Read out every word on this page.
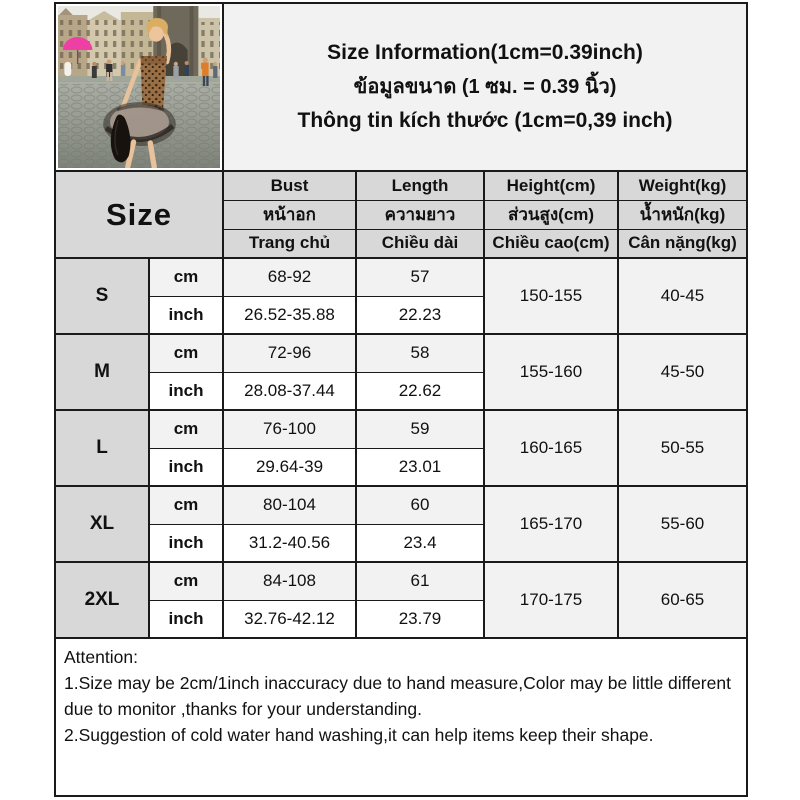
Size Information(1cm=0.39inch)
ข้อมูลขนาด (1 ซม. = 0.39 นิ้ว)
Thông tin kích thước (1cm=0,39 inch)			

Size		Bust	Length	Height(cm)	Weight(kg)
		หน้าอก	ความยาว	ส่วนสูง(cm)	น้ำหนัก(kg)
		Trang chủ	Chiều dài	Chiều cao(cm)	Cân nặng(kg)
S	cm	68-92	57	150-155	40-45
	inch	26.52-35.88	22.23		
M	cm	72-96	58	155-160	45-50
	inch	28.08-37.44	22.62		
L	cm	76-100	59	160-165	50-55
	inch	29.64-39	23.01		
XL	cm	80-104	60	165-170	55-60
	inch	31.2-40.56	23.4		
2XL	cm	84-108	61	170-175	60-65
	inch	32.76-42.12	23.79		

Attention:
1.Size may be 2cm/1inch inaccuracy due to hand measure,Color may be little different due to monitor ,thanks for your understanding.
2.Suggestion of cold water hand washing,it can help items keep their shape.					
